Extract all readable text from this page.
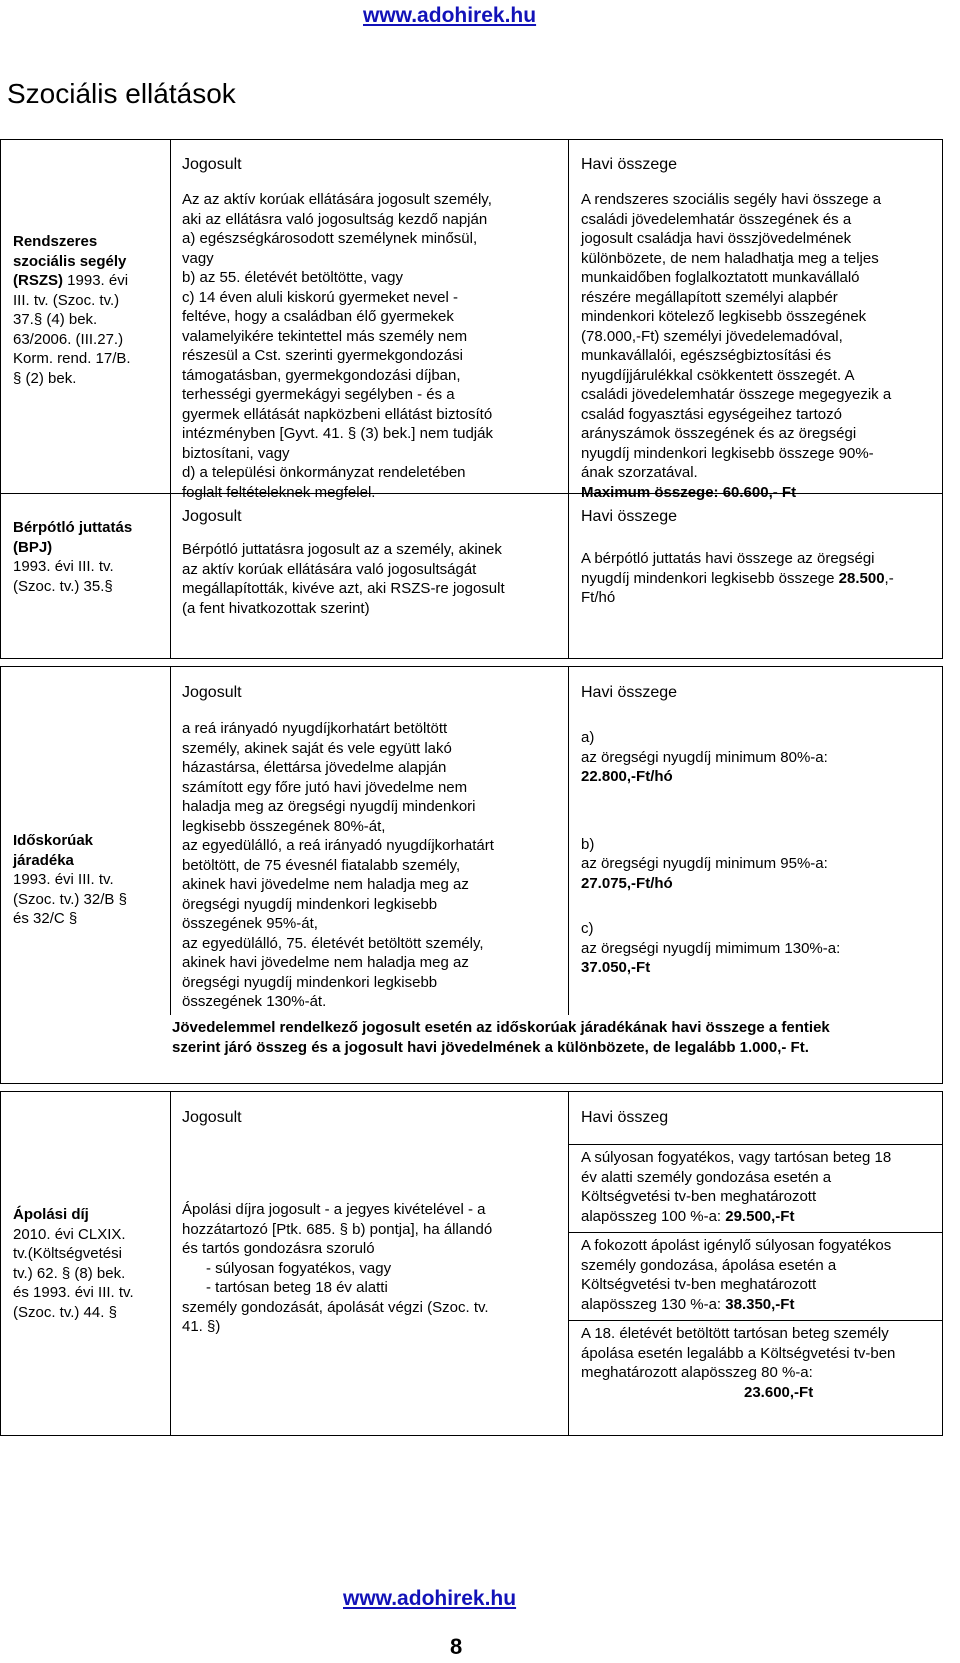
www.adohirek.hu
Szociális ellátások
Rendszeres
szociális segély
(RSZS) 1993. évi
III. tv. (Szoc. tv.)
37.§ (4) bek.
63/2006. (III.27.)
Korm. rend. 17/B.
§ (2) bek.
Jogosult
Az az aktív korúak ellátására jogosult személy,
aki az ellátásra való jogosultság kezdő napján
a) egészségkárosodott személynek minősül,
vagy
b) az 55. életévét betöltötte, vagy
c) 14 éven aluli kiskorú gyermeket nevel -
feltéve, hogy a családban élő gyermekek
valamelyikére tekintettel más személy nem
részesül a Cst. szerinti gyermekgondozási
támogatásban, gyermekgondozási díjban,
terhességi gyermekágyi segélyben - és a
gyermek ellátását napközbeni ellátást biztosító
intézményben [Gyvt. 41. § (3) bek.] nem tudják
biztosítani, vagy
d) a települési önkormányzat rendeletében
foglalt feltételeknek megfelel.
Havi összege
A rendszeres szociális segély havi összege a
családi jövedelemhatár összegének és a
jogosult családja havi összjövedelmének
különbözete, de nem haladhatja meg a teljes
munkaidőben foglalkoztatott munkavállaló
részére megállapított személyi alapbér
mindenkori kötelező legkisebb összegének
(78.000,-Ft) személyi jövedelemadóval,
munkavállalói, egészségbiztosítási és
nyugdíjjárulékkal csökkentett összegét. A
családi jövedelemhatár összege megegyezik a
család fogyasztási egységeihez tartozó
arányszámok összegének és az öregségi
nyugdíj mindenkori legkisebb összege 90%-
ának szorzatával.
Maximum összege: 60.600,- Ft
Bérpótló juttatás
(BPJ)
1993. évi III. tv.
(Szoc. tv.) 35.§
Jogosult
Bérpótló juttatásra jogosult az a személy, akinek
az aktív korúak ellátására való jogosultságát
megállapították, kivéve azt, aki RSZS-re jogosult
(a fent hivatkozottak szerint)
Havi összege
A bérpótló juttatás havi összege az öregségi
nyugdíj mindenkori legkisebb összege 28.500,-
Ft/hó
Időskorúak
járadéka
1993. évi III. tv.
(Szoc. tv.) 32/B §
és 32/C §
Jogosult
a reá irányadó nyugdíjkorhatárt betöltött
személy, akinek saját és vele együtt lakó
házastársa, élettársa jövedelme alapján
számított egy főre jutó havi jövedelme nem
haladja meg az öregségi nyugdíj mindenkori
legkisebb összegének 80%-át,
az egyedülálló, a reá irányadó nyugdíjkorhatárt
betöltött, de 75 évesnél fiatalabb személy,
akinek havi jövedelme nem haladja meg az
öregségi nyugdíj mindenkori legkisebb
összegének 95%-át,
az egyedülálló, 75. életévét betöltött személy,
akinek havi jövedelme nem haladja meg az
öregségi nyugdíj mindenkori legkisebb
összegének 130%-át.
Havi összege
a)
az öregségi nyugdíj minimum 80%-a:
22.800,-Ft/hó
b)
az öregségi nyugdíj minimum 95%-a:
27.075,-Ft/hó
c)
az öregségi nyugdíj mimimum 130%-a:
37.050,-Ft
Jövedelemmel rendelkező jogosult esetén az időskorúak járadékának havi összege a fentiek
szerint járó összeg és a jogosult havi jövedelmének a különbözete, de legalább 1.000,- Ft.
Ápolási díj
2010. évi CLXIX.
tv.(Költségvetési
tv.) 62. § (8) bek.
és 1993. évi III. tv.
(Szoc. tv.) 44. §
Jogosult
Ápolási díjra jogosult - a jegyes kivételével - a
hozzátartozó [Ptk. 685. § b) pontja], ha állandó
és tartós gondozásra szoruló
- súlyosan fogyatékos, vagy
- tartósan beteg 18 év alatti
személy gondozását, ápolását végzi (Szoc. tv.
41. §)
Havi összeg
A súlyosan fogyatékos, vagy tartósan beteg 18
év alatti személy gondozása esetén a
Költségvetési tv-ben meghatározott
alapösszeg 100 %-a: 29.500,-Ft
A fokozott ápolást igénylő súlyosan fogyatékos
személy gondozása, ápolása esetén a
Költségvetési tv-ben meghatározott
alapösszeg 130 %-a: 38.350,-Ft
A 18. életévét betöltött tartósan beteg személy
ápolása esetén legalább a Költségvetési tv-ben
meghatározott alapösszeg 80 %-a:
23.600,-Ft
www.adohirek.hu
8
